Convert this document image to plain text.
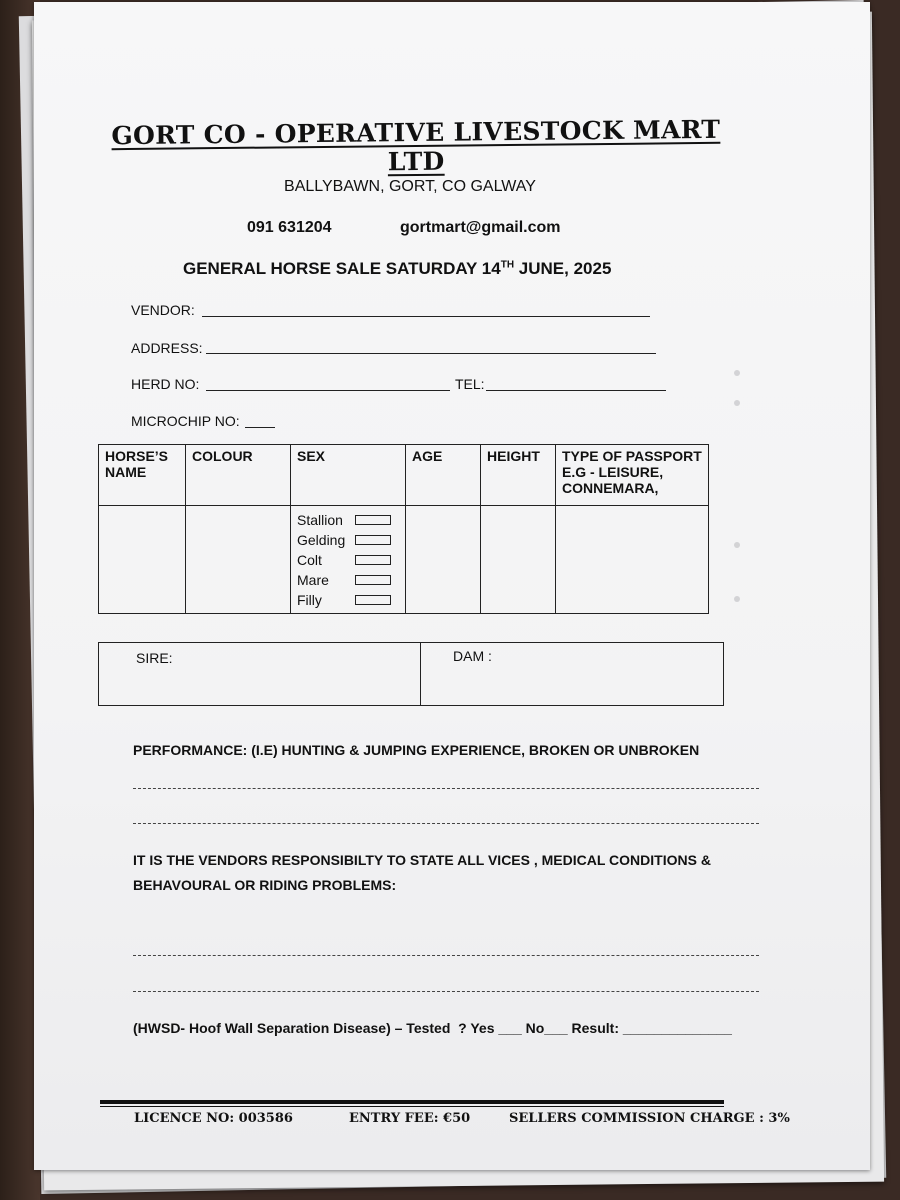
GORT CO - OPERATIVE LIVESTOCK MART LTD
BALLYBAWN, GORT, CO GALWAY
091 631204	gortmart@gmail.com
GENERAL HORSE SALE SATURDAY 14TH JUNE, 2025
VENDOR:
ADDRESS:
HERD NO:	TEL:
MICROCHIP NO:
HORSE’S NAME	COLOUR	SEX	AGE	HEIGHT	TYPE OF PASSPORT E.G - LEISURE, CONNEMARA,

		Stallion
Gelding
Colt
Mare
Filly			

SIRE:	DAM :
PERFORMANCE: (I.E) HUNTING & JUMPING EXPERIENCE, BROKEN OR UNBROKEN
IT IS THE VENDORS RESPONSIBILTY TO STATE ALL VICES , MEDICAL CONDITIONS &
BEHAVOURAL OR RIDING PROBLEMS:
(HWSD- Hoof Wall Separation Disease) – Tested  ? Yes ___ No___ Result: ______________
LICENCE NO: 003586	ENTRY FEE: €50	SELLERS COMMISSION CHARGE : 3%
